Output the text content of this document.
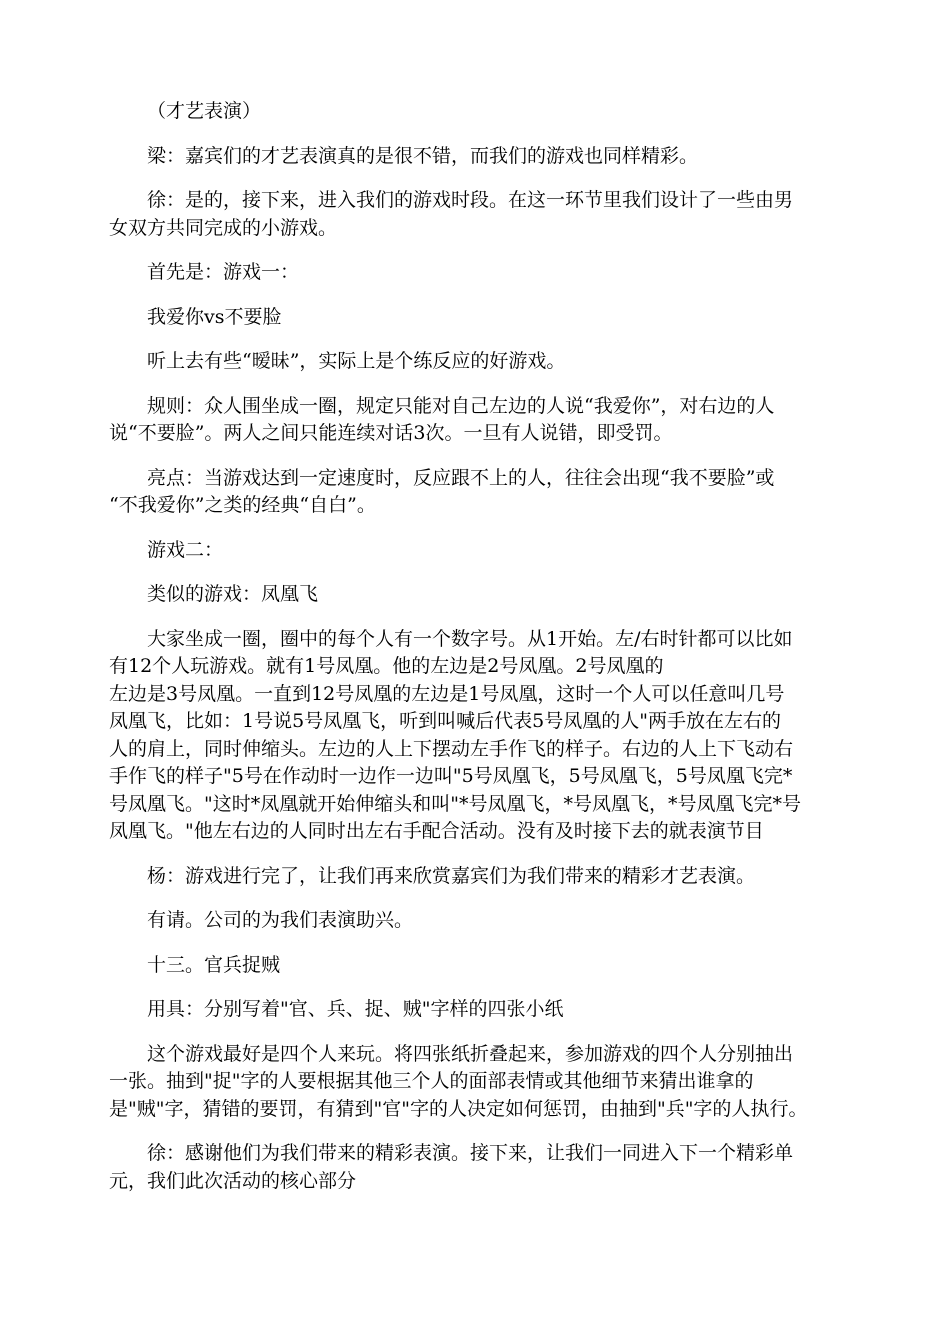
（才艺表演）

梁：嘉宾们的才艺表演真的是很不错，而我们的游戏也同样精彩。

徐：是的，接下来，进入我们的游戏时段。在这一环节里我们设计了一些由男
女双方共同完成的小游戏。

首先是：游戏一：

我爱你vs不要脸

听上去有些“暧昧”，实际上是个练反应的好游戏。

规则：众人围坐成一圈，规定只能对自己左边的人说“我爱你”，对右边的人
说“不要脸”。两人之间只能连续对话3次。一旦有人说错，即受罚。

亮点：当游戏达到一定速度时，反应跟不上的人，往往会出现“我不要脸”或
“不我爱你”之类的经典“自白”。

游戏二：

类似的游戏：凤凰飞

大家坐成一圈，圈中的每个人有一个数字号。从1开始。左/右时针都可以比如
有12个人玩游戏。就有1号凤凰。他的左边是2号凤凰。2号凤凰的
左边是3号凤凰。一直到12号凤凰的左边是1号凤凰，这时一个人可以任意叫几号
凤凰飞，比如：1号说5号凤凰飞，听到叫喊后代表5号凤凰的人"两手放在左右的
人的肩上，同时伸缩头。左边的人上下摆动左手作飞的样子。右边的人上下飞动右
手作飞的样子"5号在作动时一边作一边叫"5号凤凰飞，5号凤凰飞，5号凤凰飞完*
号凤凰飞。"这时*凤凰就开始伸缩头和叫"*号凤凰飞，*号凤凰飞，*号凤凰飞完*号
凤凰飞。"他左右边的人同时出左右手配合活动。没有及时接下去的就表演节目

杨：游戏进行完了，让我们再来欣赏嘉宾们为我们带来的精彩才艺表演。

有请。公司的为我们表演助兴。

十三。官兵捉贼

用具：分别写着"官、兵、捉、贼"字样的四张小纸

这个游戏最好是四个人来玩。将四张纸折叠起来，参加游戏的四个人分别抽出
一张。抽到"捉"字的人要根据其他三个人的面部表情或其他细节来猜出谁拿的
是"贼"字，猜错的要罚，有猜到"官"字的人决定如何惩罚，由抽到"兵"字的人执行。

徐：感谢他们为我们带来的精彩表演。接下来，让我们一同进入下一个精彩单
元，我们此次活动的核心部分
